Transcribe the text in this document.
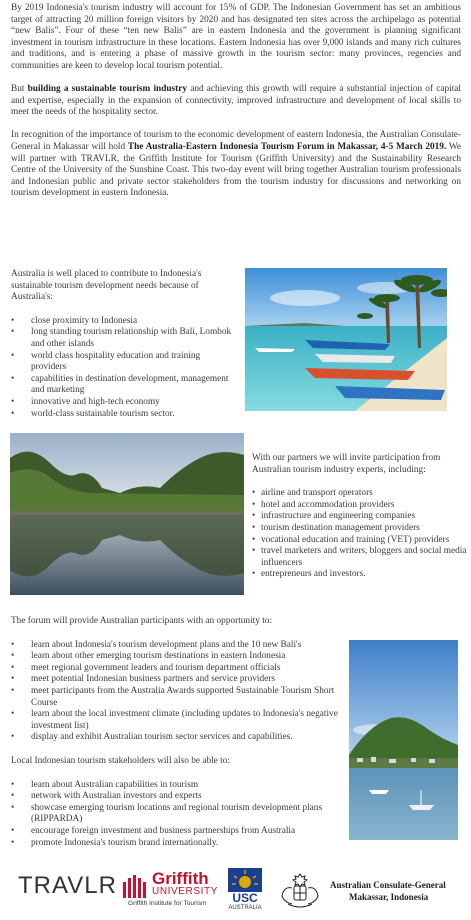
By 2019 Indonesia's tourism industry will account for 15% of GDP. The Indonesian Government has set an ambitious target of attracting 20 million foreign visitors by 2020 and has designated ten sites across the archipelago as potential “new Balis”. Four of these “ten new Balis” are in eastern Indonesia and the government is planning significant investment in tourism infrastructure in these locations. Eastern Indonesia has over 9,000 islands and many rich cultures and traditions, and is entering a phase of massive growth in the tourism sector: many provinces, regencies and communities are keen to develop local tourism potential.

But building a sustainable tourism industry and achieving this growth will require a substantial injection of capital and expertise, especially in the expansion of connectivity, improved infrastructure and development of local skills to meet the needs of the hospitality sector.

In recognition of the importance of tourism to the economic development of eastern Indonesia, the Australian Consulate-General in Makassar will hold The Australia-Eastern Indonesia Tourism Forum in Makassar, 4-5 March 2019. We will partner with TRAVLR, the Griffith Institute for Tourism (Griffith University) and the Sustainability Research Centre of the University of the Sunshine Coast. This two-day event will bring together Australian tourism professionals and Indonesian public and private sector stakeholders from the tourism industry for discussions and networking on tourism development in eastern Indonesia.

Australia is well placed to contribute to Indonesia's sustainable tourism development needs because of Australia's:

• close proximity to Indonesia
• long standing tourism relationship with Bali, Lombok and other islands
• world class hospitality education and training providers
• capabilities in destination development, management and marketing
• innovative and high-tech economy
• world-class sustainable tourism sector.

With our partners we will invite participation from Australian tourism industry experts, including:

• airline and transport operators
• hotel and accommodation providers
• infrastructure and engineering companies
• tourism destination management providers
• vocational education and training (VET) providers
• travel marketers and writers, bloggers and social media influencers
• entrepreneurs and investors.

The forum will provide Australian participants with an opportunity to:

• learn about Indonesia's tourism development plans and the 10 new Bali's
• learn about other emerging tourism destinations in eastern Indonesia
• meet regional government leaders and tourism department officials
• meet potential Indonesian business partners and service providers
• meet participants from the Australia Awards supported Sustainable Tourism Short Course
• learn about the local investment climate (including updates to Indonesia's negative investment list)
• display and exhibit Australian tourism sector services and capabilities.

Local Indonesian tourism stakeholders will also be able to:

• learn about Australian capabilities in tourism
• network with Australian investors and experts
• showcase emerging tourism locations and regional tourism development plans (RIPPARDA)
• encourage foreign investment and business partnerships from Australia
• promote Indonesia's tourism brand internationally.
TRAVLR Griffith
UNIVERSITY
Griffith Institute for Tourism	USC
AUSTRALIA
Australian Consulate-General
Makassar, Indonesia
